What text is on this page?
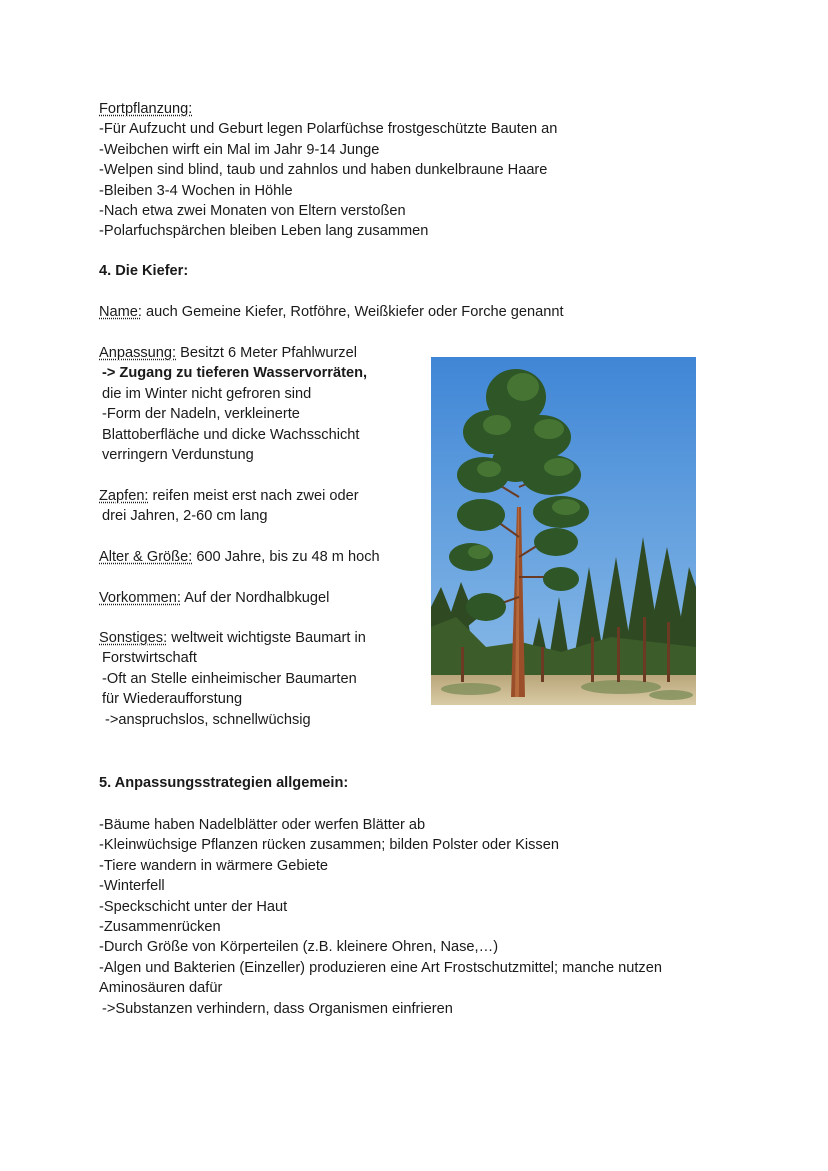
Fortpflanzung:
-Für Aufzucht und Geburt legen Polarfüchse frostgeschützte Bauten an
-Weibchen wirft ein Mal im Jahr 9-14 Junge
-Welpen sind blind, taub und zahnlos und haben dunkelbraune Haare
-Bleiben 3-4 Wochen in Höhle
-Nach etwa zwei Monaten von Eltern verstoßen
-Polarfuchspärchen bleiben Leben lang zusammen
4. Die Kiefer:
Name: auch Gemeine Kiefer, Rotföhre, Weißkiefer oder Forche genannt
Anpassung: Besitzt 6 Meter Pfahlwurzel
-> Zugang zu tieferen Wasservorräten,
die im Winter nicht gefroren sind
-Form der Nadeln, verkleinerte
Blattoberfläche und dicke Wachsschicht
verringern Verdunstung
Zapfen: reifen meist erst nach zwei oder
drei Jahren, 2-60 cm lang
Alter & Größe: 600 Jahre, bis zu 48 m hoch
Vorkommen: Auf der Nordhalbkugel
Sonstiges: weltweit wichtigste Baumart in
Forstwirtschaft
-Oft an Stelle einheimischer Baumarten
für Wiederaufforstung
->anspruchslos, schnellwüchsig
5. Anpassungsstrategien allgemein:
-Bäume haben Nadelblätter oder werfen Blätter ab
-Kleinwüchsige Pflanzen rücken zusammen; bilden Polster oder Kissen
-Tiere wandern in wärmere Gebiete
-Winterfell
-Speckschicht unter der Haut
-Zusammenrücken
-Durch Größe von Körperteilen (z.B. kleinere Ohren, Nase,…)
-Algen und Bakterien (Einzeller) produzieren eine Art Frostschutzmittel; manche nutzen
Aminosäuren dafür
->Substanzen verhindern, dass Organismen einfrieren
